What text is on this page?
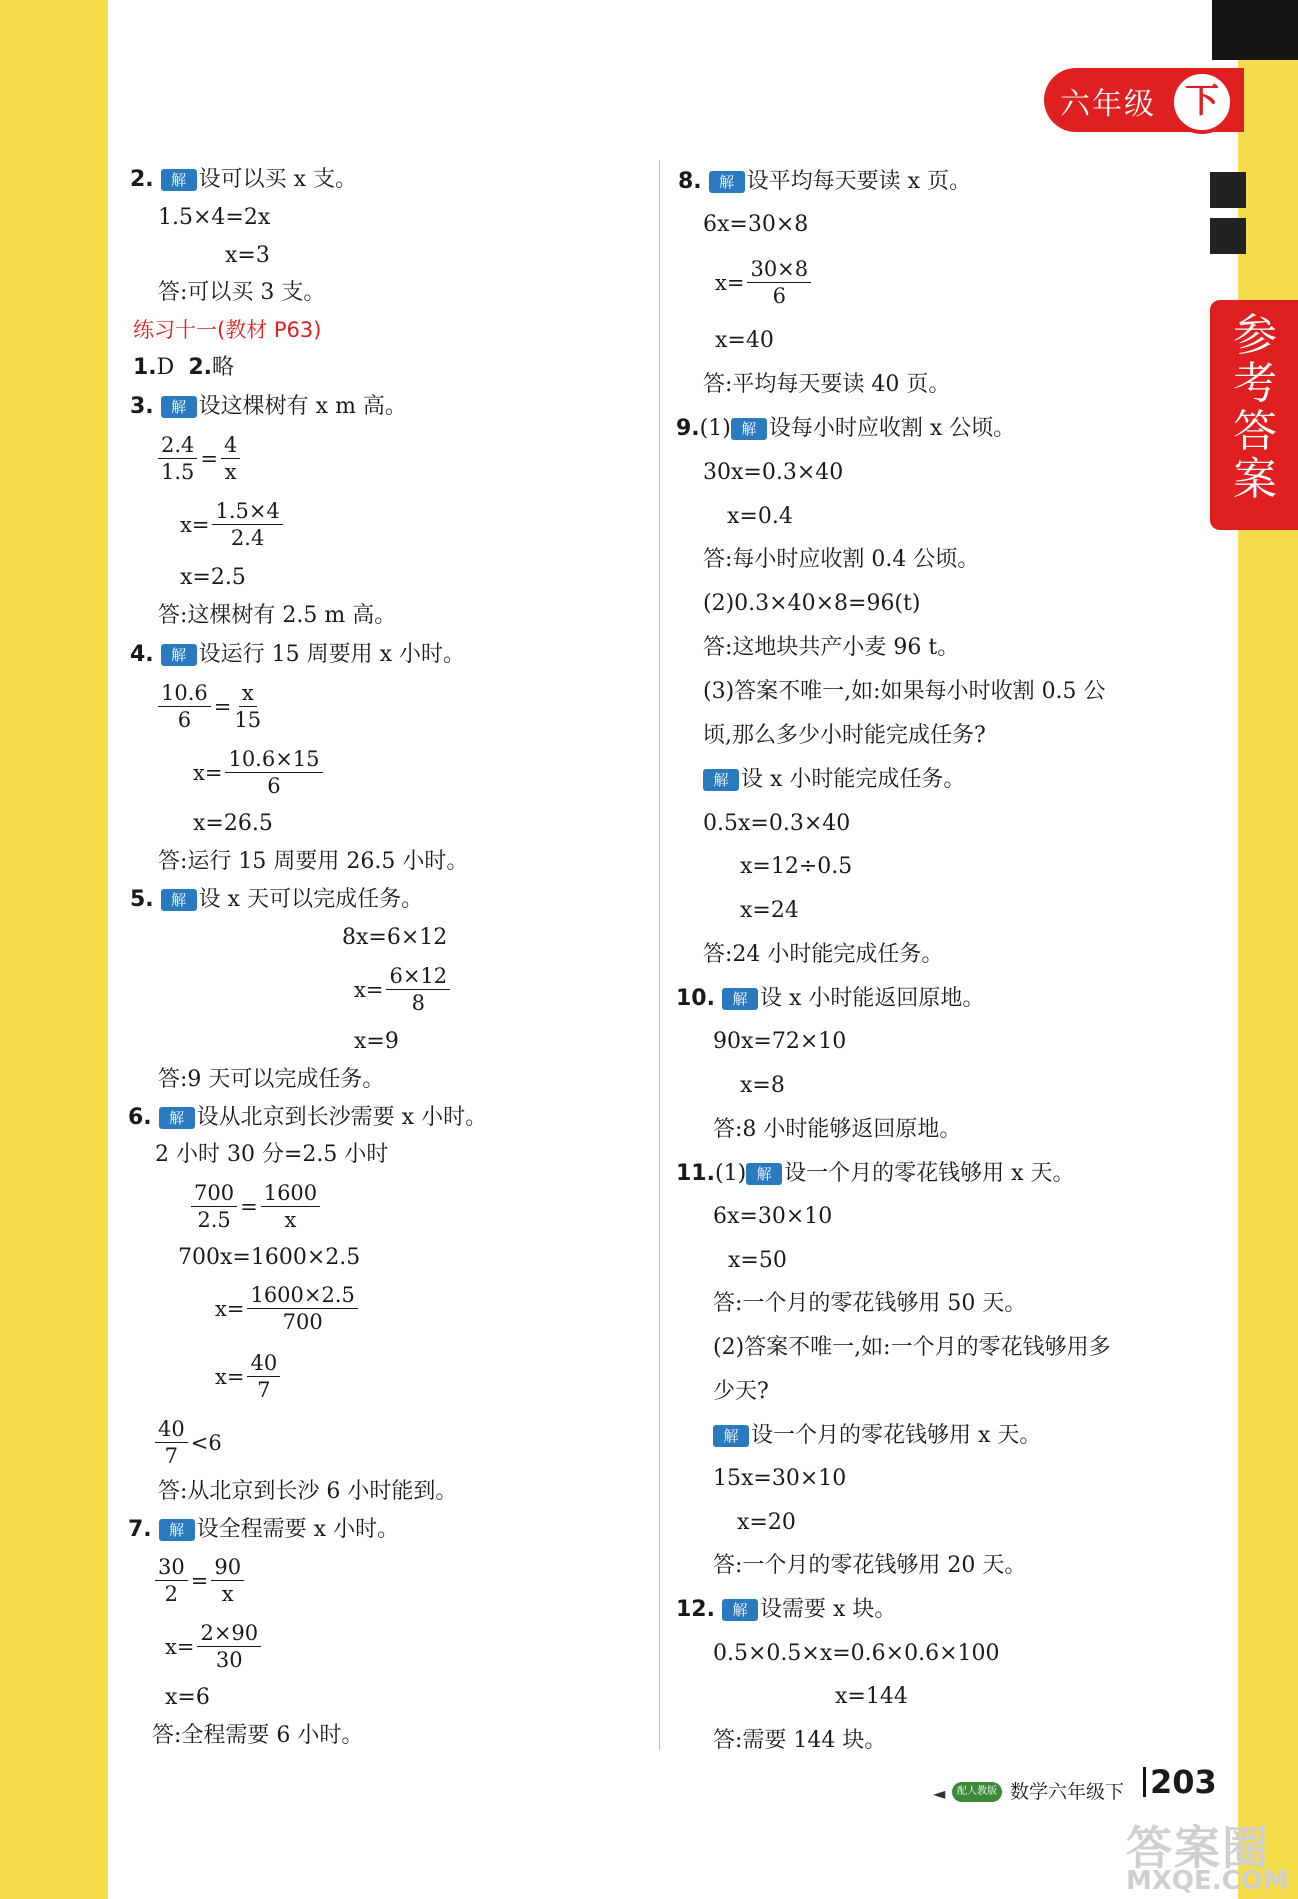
六年级 下
参
考
答
案
2. 解 设可以买 x 支。
1.5×4=2x
x=3
答:可以买 3 支。
练习十一(教材 P63)
1.D 2.略
3. 解 设这棵树有 x m 高。
$\frac{2.4}{1.5} = \frac{4}{x}$
$x= \frac{1.5\times 4}{2.4}$
x=2.5
答:这棵树有 2.5 m 高。
4. 解 设运行 15 周要用 x 小时。
$\frac{10.6}{6} = \frac{x}{15}$
$x= \frac{10.6\times 15}{6}$
x=26.5
答:运行 15 周要用 26.5 小时。
5. 解 设 x 天可以完成任务。
8x=6×12
$x= \frac{6\times 12}{8}$
x=9
答:9 天可以完成任务。
6. 解 设从北京到长沙需要 x 小时。
2 小时 30 分=2.5 小时
$\frac{700}{2.5} = \frac{1600}{x}$
700x=1600×2.5
$x= \frac{1600\times 2.5}{700}$
$x= \frac{40}{7}$
$\frac{40}{7} <6$
答:从北京到长沙 6 小时能到。
7. 解 设全程需要 x 小时。
$\frac{30}{2} = \frac{90}{x}$
$x= \frac{2\times 90}{30}$
x=6
答:全程需要 6 小时。
8. 解 设平均每天要读 x 页。
6x=30×8
$x= \frac{30\times 8}{6}$
x=40
答:平均每天要读 40 页。
9.(1) 解 设每小时应收割 x 公顷。
30x=0.3×40
x=0.4
答:每小时应收割 0.4 公顷。
(2)0.3×40×8=96(t)
答:这地块共产小麦 96 t。
(3)答案不唯一,如:如果每小时收割 0.5 公
顷,那么多少小时能完成任务?
解 设 x 小时能完成任务。
0.5x=0.3×40
x=12÷0.5
x=24
答:24 小时能完成任务。
10. 解 设 x 小时能返回原地。
90x=72×10
x=8
答:8 小时能够返回原地。
11.(1) 解 设一个月的零花钱够用 x 天。
6x=30×10
x=50
答:一个月的零花钱够用 50 天。
(2)答案不唯一,如:一个月的零花钱够用多
少天?
解 设一个月的零花钱够用 x 天。
15x=30×10
x=20
答:一个月的零花钱够用 20 天。
12. 解 设需要 x 块。
0.5×0.5×x=0.6×0.6×100
x=144
答:需要 144 块。
◄	配人教版 数学六年级下 203
答案圈
MXQE.COM
